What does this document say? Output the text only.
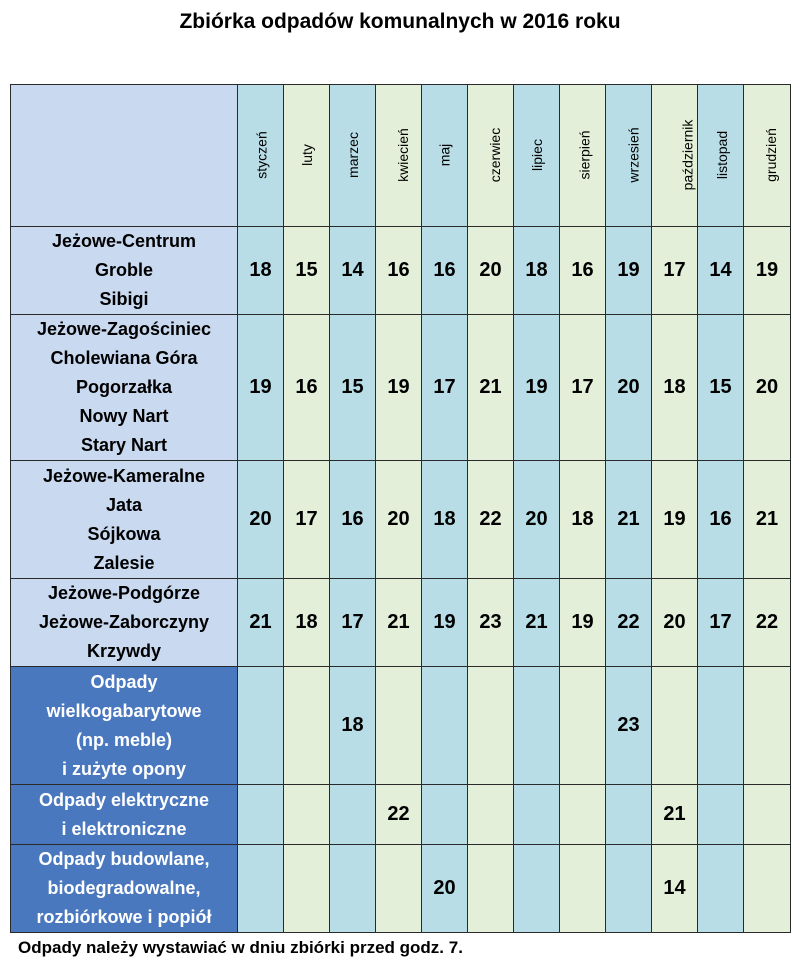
Zbiórka odpadów komunalnych w 2016 roku
	styczeń	luty	marzec	kwiecień	maj	czerwiec	lipiec	sierpień	wrzesień	październik	listopad	grudzień

Jeżowe-Centrum
Groble
Sibigi	18	15	14	16	16	20	18	16	19	17	14	19

Jeżowe-Zagościniec
Cholewiana Góra
Pogorzałka
Nowy Nart
Stary Nart	19	16	15	19	17	21	19	17	20	18	15	20

Jeżowe-Kameralne
Jata
Sójkowa
Zalesie	20	17	16	20	18	22	20	18	21	19	16	21

Jeżowe-Podgórze
Jeżowe-Zaborczyny
Krzywdy	21	18	17	21	19	23	21	19	22	20	17	22

Odpady
wielkogabarytowe
(np. meble)
i zużyte opony			18						23			

Odpady elektryczne
i elektroniczne				22						21		

Odpady budowlane,
biodegradowalne,
rozbiórkowe i popiół					20					14		
Odpady należy wystawiać w dniu zbiórki przed godz. 7.
